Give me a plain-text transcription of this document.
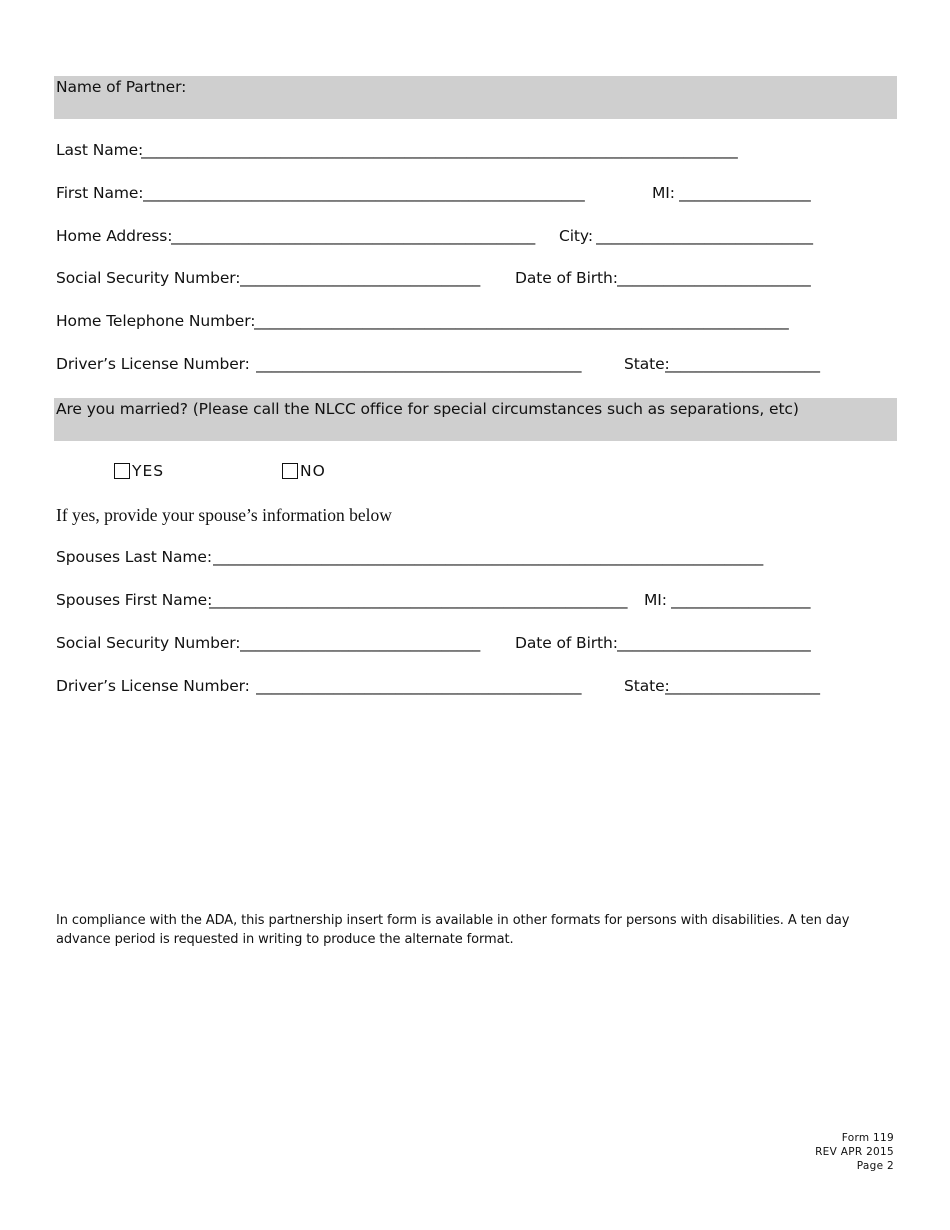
Name of Partner:
Last Name:
_____________________________________________________________________________
First Name: _________________________________________________________	MI: _________________
Home Address:
_______________________________________________	City: ____________________________
Social Security Number: _______________________________	Date of Birth: _________________________
Home Telephone Number:
_____________________________________________________________________
Driver’s License Number: __________________________________________	State:
____________________
Are you married? (Please call the NLCC office for special circumstances such as separations, etc)
YES	NO
If yes, provide your spouse’s information below
Spouses Last Name: _______________________________________________________________________
Spouses First Name:
______________________________________________________	MI: __________________
Social Security Number: _______________________________	Date of Birth: _________________________
Driver’s License Number: __________________________________________	State:
____________________
In compliance with the ADA, this partnership insert form is available in other formats for persons with disabilities. A ten day advance period is requested in writing to produce the alternate format.
Form 119
REV APR 2015
Page 2
